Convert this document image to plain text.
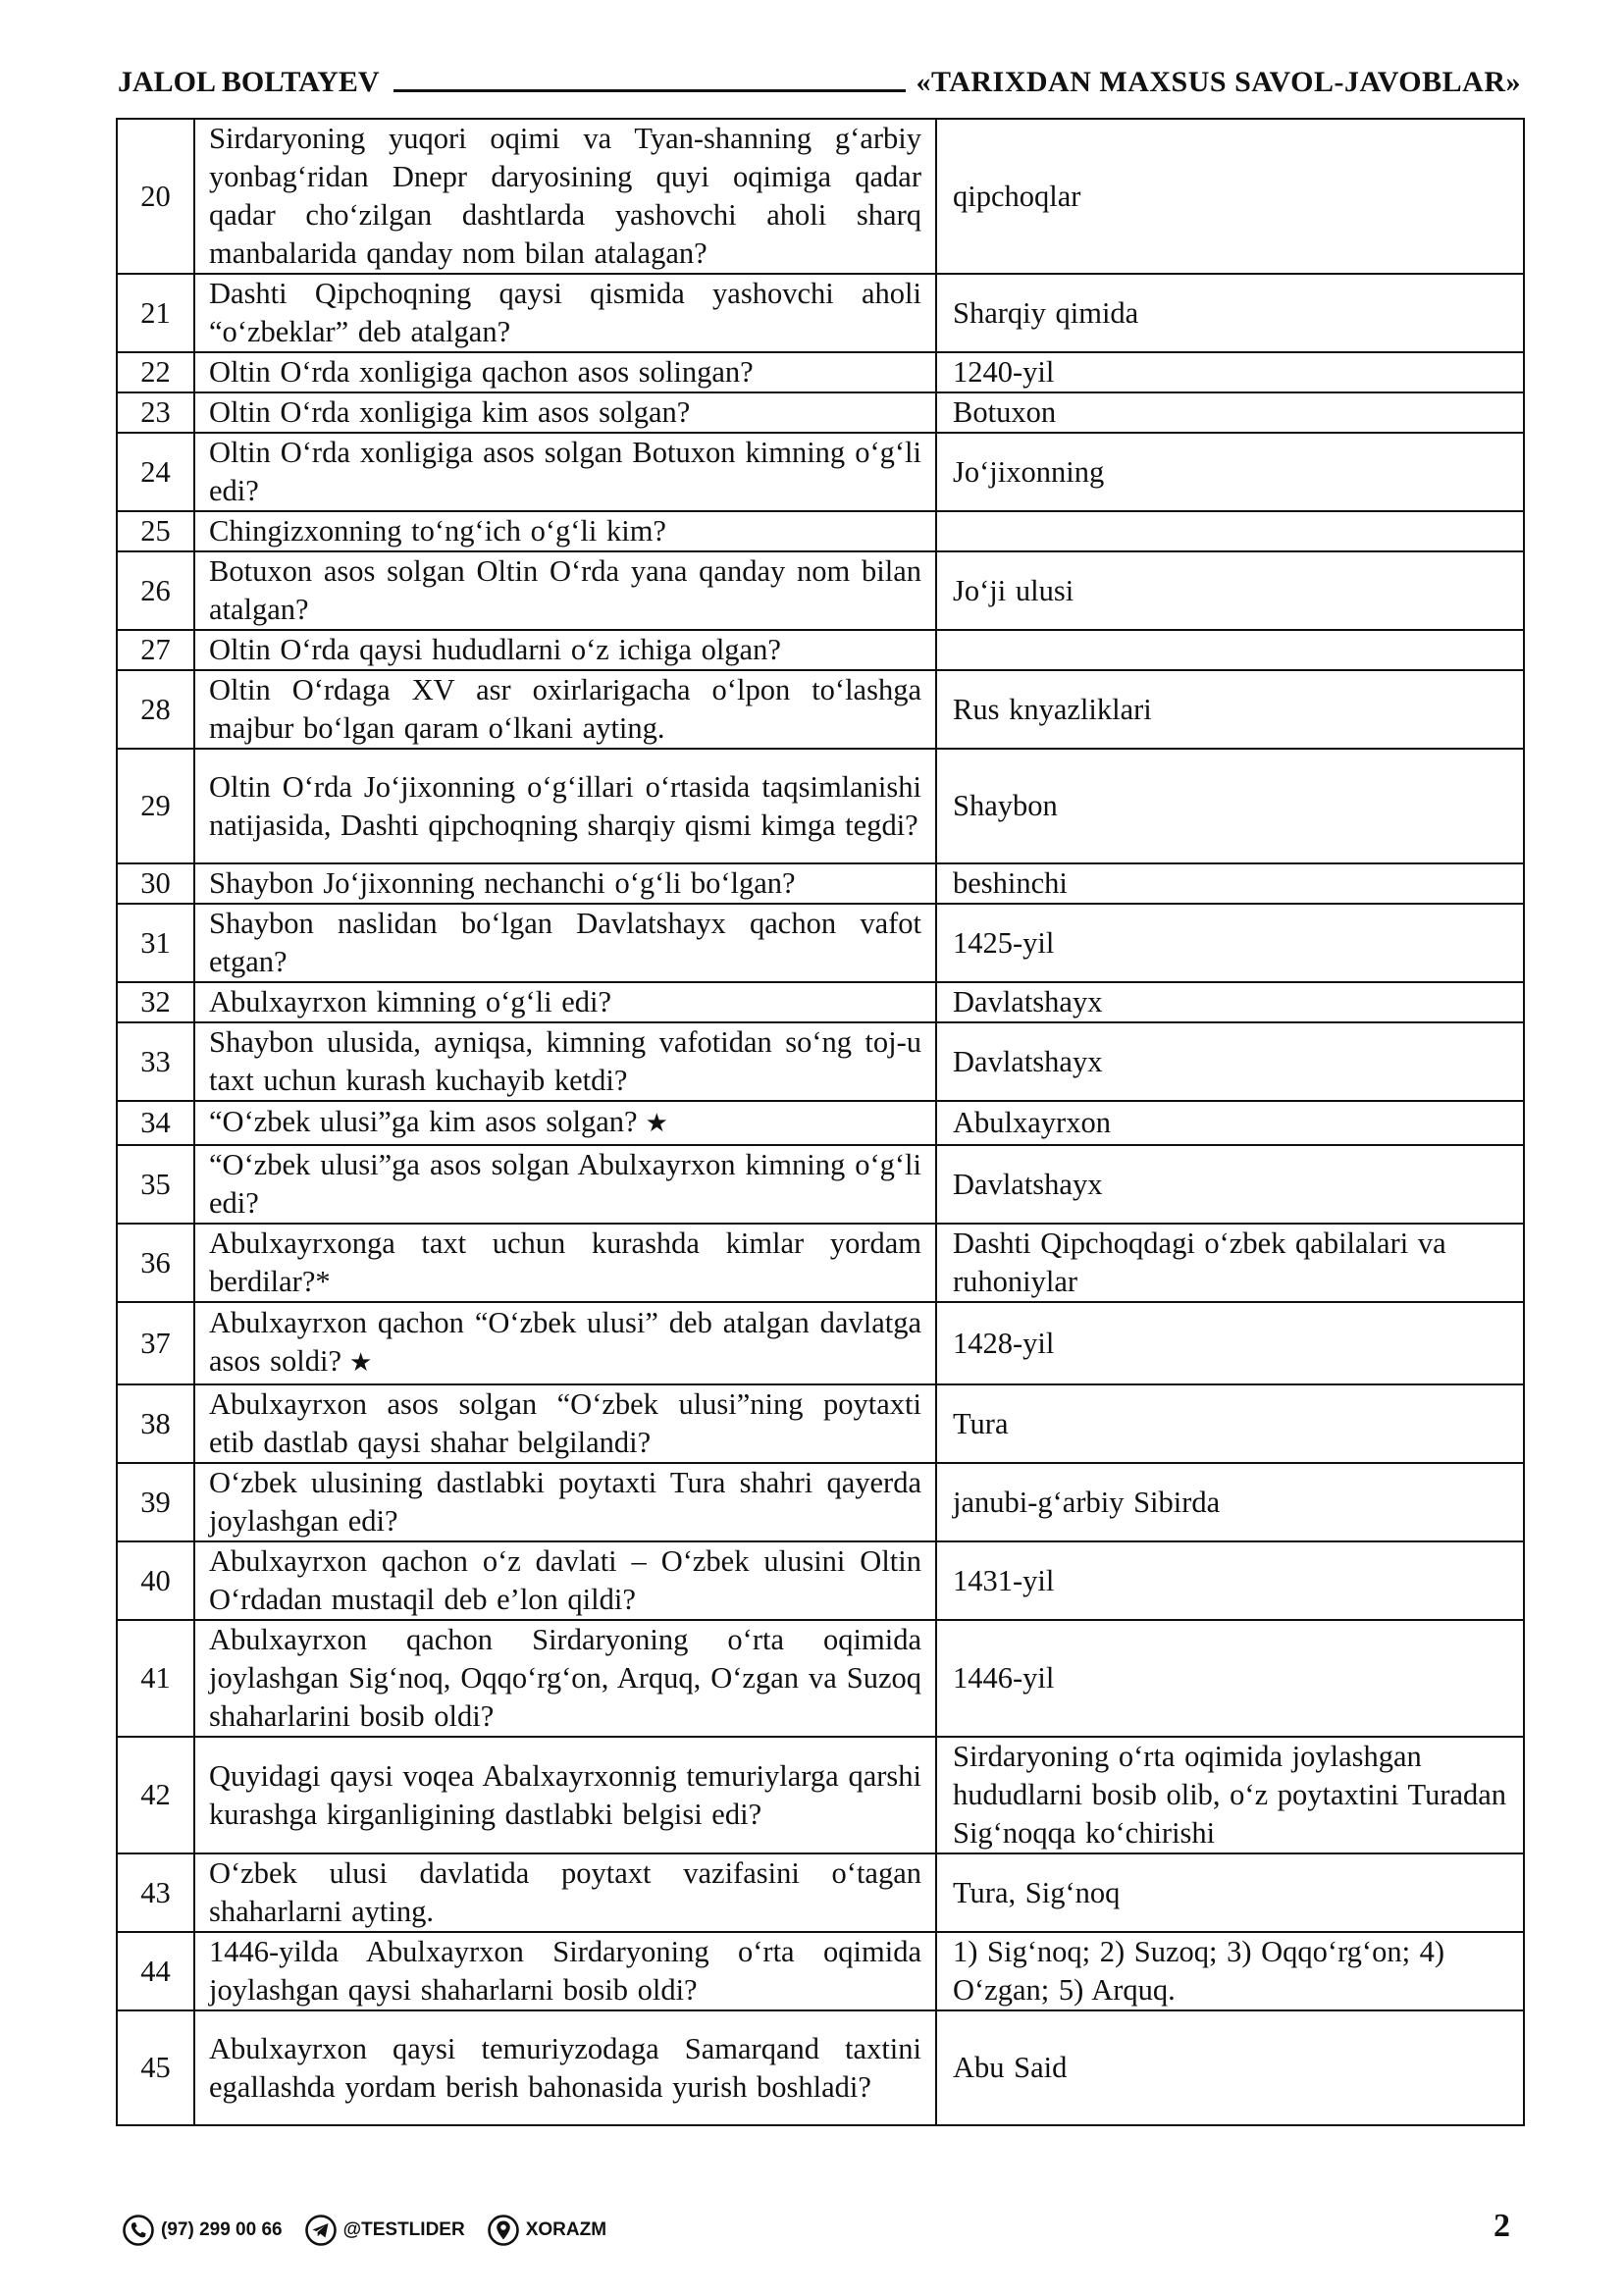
JALOL BOLTAYEV	«TARIXDAN MAXSUS SAVOL-JAVOBLAR»
20	Sirdaryoning yuqori oqimi va Tyan-shanning g‘arbiy yonbag‘ridan Dnepr daryosining quyi oqimiga qadar qadar cho‘zilgan dashtlarda yashovchi aholi sharq manbalarida qanday nom bilan atalagan?	qipchoqlar
21	Dashti Qipchoqning qaysi qismida yashovchi aholi “o‘zbeklar” deb atalgan?	Sharqiy qimida
22	Oltin O‘rda xonligiga qachon asos solingan?	1240-yil
23	Oltin O‘rda xonligiga kim asos solgan?	Botuxon
24	Oltin O‘rda xonligiga asos solgan Botuxon kimning o‘g‘li edi?	Jo‘jixonning
25	Chingizxonning to‘ng‘ich o‘g‘li kim?	
26	Botuxon asos solgan Oltin O‘rda yana qanday nom bilan atalgan?	Jo‘ji ulusi
27	Oltin O‘rda qaysi hududlarni o‘z ichiga olgan?	
28	Oltin O‘rdaga XV asr oxirlarigacha o‘lpon to‘lashga majbur bo‘lgan qaram o‘lkani ayting.	Rus knyazliklari
29	Oltin O‘rda Jo‘jixonning o‘g‘illari o‘rtasida taqsimlanishi natijasida, Dashti qipchoqning sharqiy qismi kimga tegdi?	Shaybon
30	Shaybon Jo‘jixonning nechanchi o‘g‘li bo‘lgan?	beshinchi
31	Shaybon naslidan bo‘lgan Davlatshayx qachon vafot etgan?	1425-yil
32	Abulxayrxon kimning o‘g‘li edi?	Davlatshayx
33	Shaybon ulusida, ayniqsa, kimning vafotidan so‘ng toj-u taxt uchun kurash kuchayib ketdi?	Davlatshayx
34	“O‘zbek ulusi”ga kim asos solgan? ★	Abulxayrxon
35	“O‘zbek ulusi”ga asos solgan Abulxayrxon kimning o‘g‘li edi?	Davlatshayx
36	Abulxayrxonga taxt uchun kurashda kimlar yordam berdilar?*	Dashti Qipchoqdagi o‘zbek qabilalari va ruhoniylar
37	Abulxayrxon qachon “O‘zbek ulusi” deb atalgan davlatga asos soldi? ★	1428-yil
38	Abulxayrxon asos solgan “O‘zbek ulusi”ning poytaxti etib dastlab qaysi shahar belgilandi?	Tura
39	O‘zbek ulusining dastlabki poytaxti Tura shahri qayerda joylashgan edi?	janubi-g‘arbiy Sibirda
40	Abulxayrxon qachon o‘z davlati – O‘zbek ulusini Oltin O‘rdadan mustaqil deb e’lon qildi?	1431-yil
41	Abulxayrxon qachon Sirdaryoning o‘rta oqimida joylashgan Sig‘noq, Oqqo‘rg‘on, Arquq, O‘zgan va Suzoq shaharlarini bosib oldi?	1446-yil
42	Quyidagi qaysi voqea Abalxayrxonnig temuriylarga qarshi kurashga kirganligining dastlabki belgisi edi?	Sirdaryoning o‘rta oqimida joylashgan hududlarni bosib olib, o‘z poytaxtini Turadan Sig‘noqqa ko‘chirishi
43	O‘zbek ulusi davlatida poytaxt vazifasini o‘tagan shaharlarni ayting.	Tura, Sig‘noq
44	1446-yilda Abulxayrxon Sirdaryoning o‘rta oqimida joylashgan qaysi shaharlarni bosib oldi?	1) Sig‘noq; 2) Suzoq; 3) Oqqo‘rg‘on; 4) O‘zgan; 5) Arquq.
45	Abulxayrxon qaysi temuriyzodaga Samarqand taxtini egallashda yordam berish bahonasida yurish boshladi?	Abu Said
(97) 299 00 66	@TESTLIDER	XORAZM	2
